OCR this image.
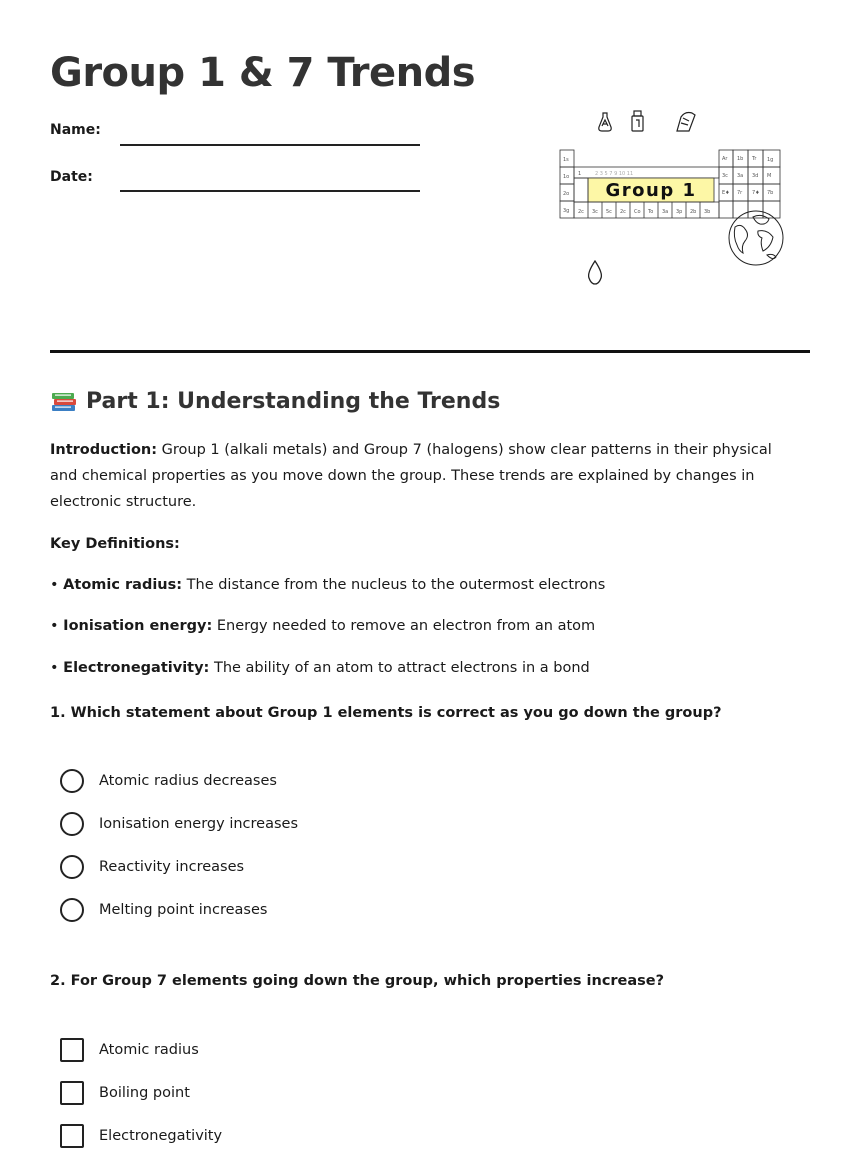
Group 1 & 7 Trends
Name:
Date:
1s
1o
2o
3g 2c 3c 5c 2c Co To 3a 3p 2b 3b
Ar 1b Tr 1g
3c 3a 3d M
E♦ 7r 7♦ 7b
1	2 3 5 7 9 10 11
Group 1
Part 1: Understanding the Trends

Introduction: Group 1 (alkali metals) and Group 7 (halogens) show clear patterns in their physical and chemical properties as you move down the group. These trends are explained by changes in electronic structure.

Key Definitions:

• Atomic radius: The distance from the nucleus to the outermost electrons

• Ionisation energy: Energy needed to remove an electron from an atom

• Electronegativity: The ability of an atom to attract electrons in a bond

1. Which statement about Group 1 elements is correct as you go down the group?

Atomic radius decreases
Ionisation energy increases
Reactivity increases
Melting point increases

2. For Group 7 elements going down the group, which properties increase?

Atomic radius
Boiling point
Electronegativity
